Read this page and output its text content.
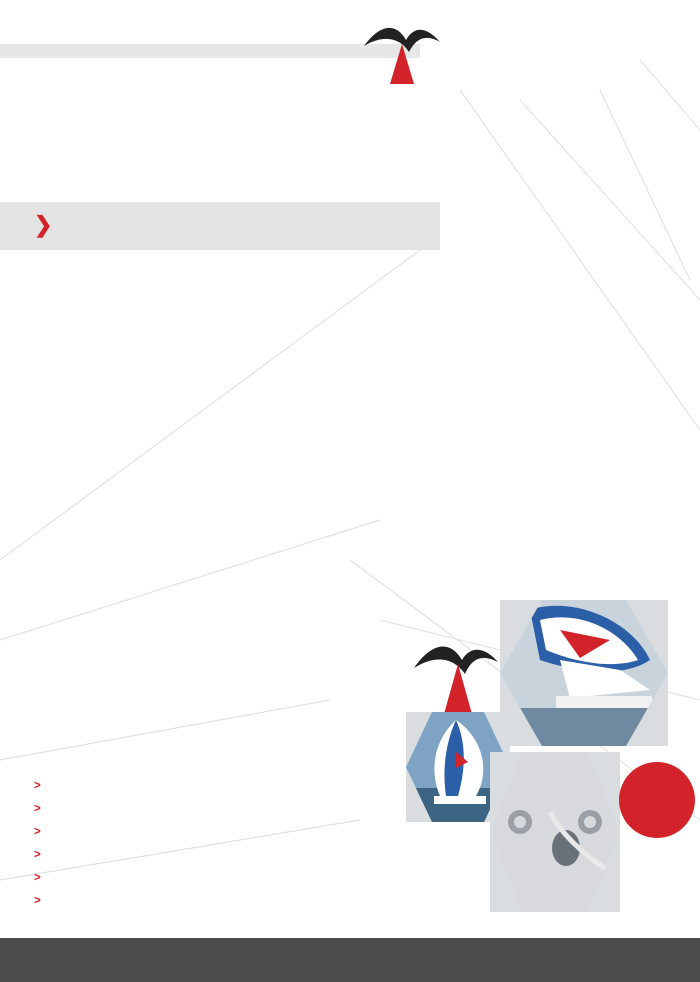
❯
>
>
>
>
>
>
